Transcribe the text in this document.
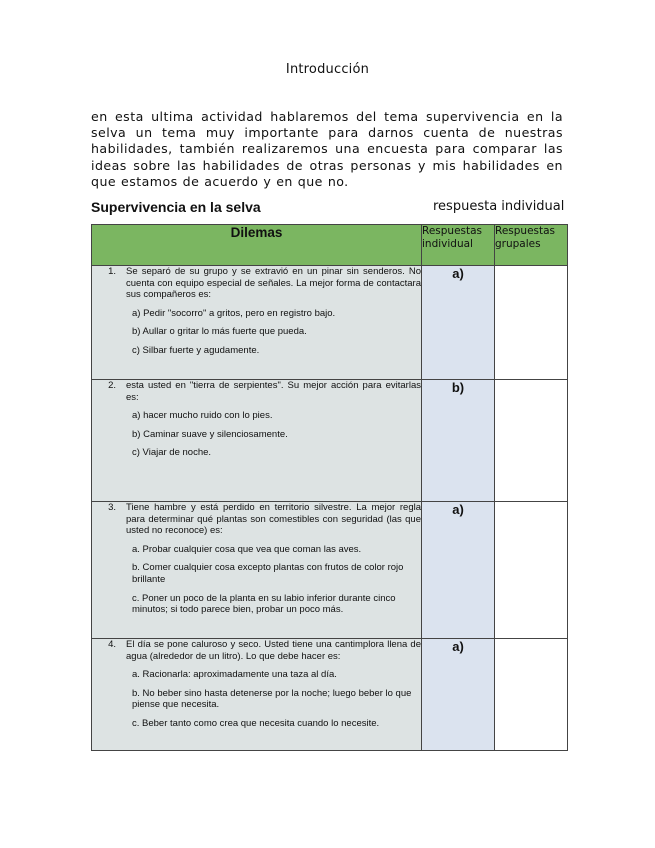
Introducción
en esta ultima actividad hablaremos del tema supervivencia en la selva un tema muy importante para darnos cuenta de nuestras habilidades, también realizaremos una encuesta para comparar las ideas sobre las habilidades de otras personas y mis habilidades en que estamos de acuerdo y en que no.
Supervivencia en la selva	respuesta individual
Dilemas	Respuestas individual	Respuestas grupales

1. Se separó de su grupo y se extravió en un pinar sin senderos. No cuenta con equipo especial de señales. La mejor forma de contactara sus compañeros es:
a) Pedir "socorro" a gritos, pero en registro bajo.
b) Aullar o gritar lo más fuerte que pueda.
c) Silbar fuerte y agudamente.	a)	

2. esta usted en "tierra de serpientes". Su mejor acción para evitarlas es:
a) hacer mucho ruido con lo pies.
b) Caminar suave y silenciosamente.
c) Viajar de noche.	b)	

3. Tiene hambre y está perdido en territorio silvestre. La mejor regla para determinar qué plantas son comestibles con seguridad (las que usted no reconoce) es:
a. Probar cualquier cosa que vea que coman las aves.
b. Comer cualquier cosa excepto plantas con frutos de color rojo brillante
c. Poner un poco de la planta en su labio inferior durante cinco minutos; si todo parece bien, probar un poco más.	a)	

4. El día se pone caluroso y seco. Usted tiene una cantimplora llena de agua (alrededor de un litro). Lo que debe hacer es:
a. Racionarla: aproximadamente una taza al día.
b. No beber sino hasta detenerse por la noche; luego beber lo que piense que necesita.
c. Beber tanto como crea que necesita cuando lo necesite.	a)	
